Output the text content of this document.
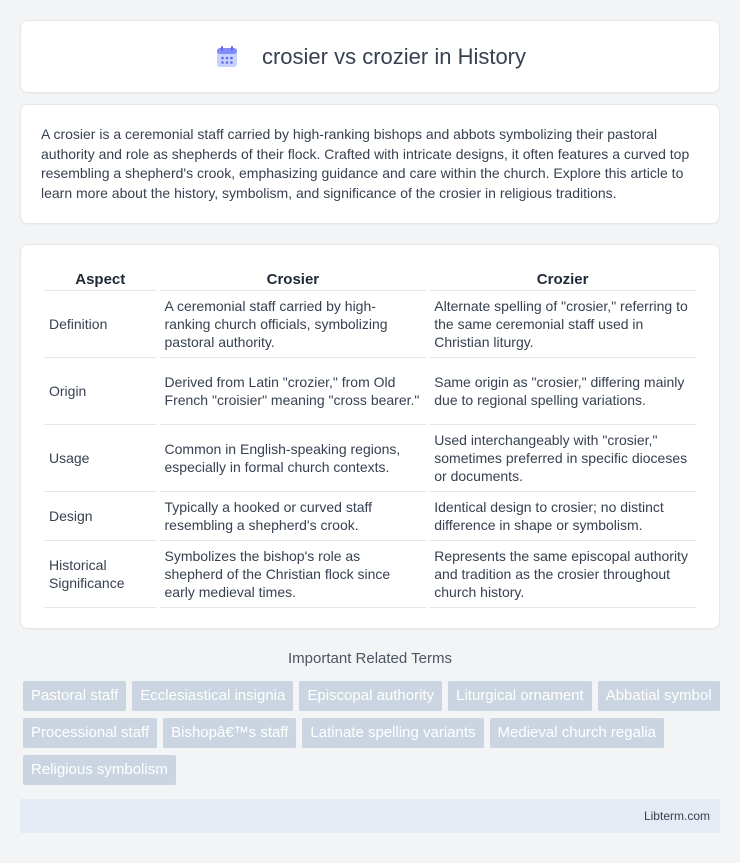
crosier vs crozier in History

A crosier is a ceremonial staff carried by high-ranking bishops and abbots symbolizing their pastoral authority and role as shepherds of their flock. Crafted with intricate designs, it often features a curved top resembling a shepherd's crook, emphasizing guidance and care within the church. Explore this article to learn more about the history, symbolism, and significance of the crosier in religious traditions.

Aspect	Crosier	Crozier
Definition	A ceremonial staff carried by high-ranking church officials, symbolizing pastoral authority.	Alternate spelling of "crosier," referring to the same ceremonial staff used in Christian liturgy.
Origin	Derived from Latin "crozier," from Old French "croisier" meaning "cross bearer."	Same origin as "crosier," differing mainly due to regional spelling variations.
Usage	Common in English-speaking regions, especially in formal church contexts.	Used interchangeably with "crosier," sometimes preferred in specific dioceses or documents.
Design	Typically a hooked or curved staff resembling a shepherd's crook.	Identical design to crosier; no distinct difference in shape or symbolism.
Historical Significance	Symbolizes the bishop's role as shepherd of the Christian flock since early medieval times.	Represents the same episcopal authority and tradition as the crosier throughout church history.
Important Related Terms
Pastoral staff	Ecclesiastical insignia	Episcopal authority	Liturgical ornament	Abbatial symbol
Processional staff	Bishopâ€™s staff	Latinate spelling variants	Medieval church regalia
Religious symbolism
Libterm.com
